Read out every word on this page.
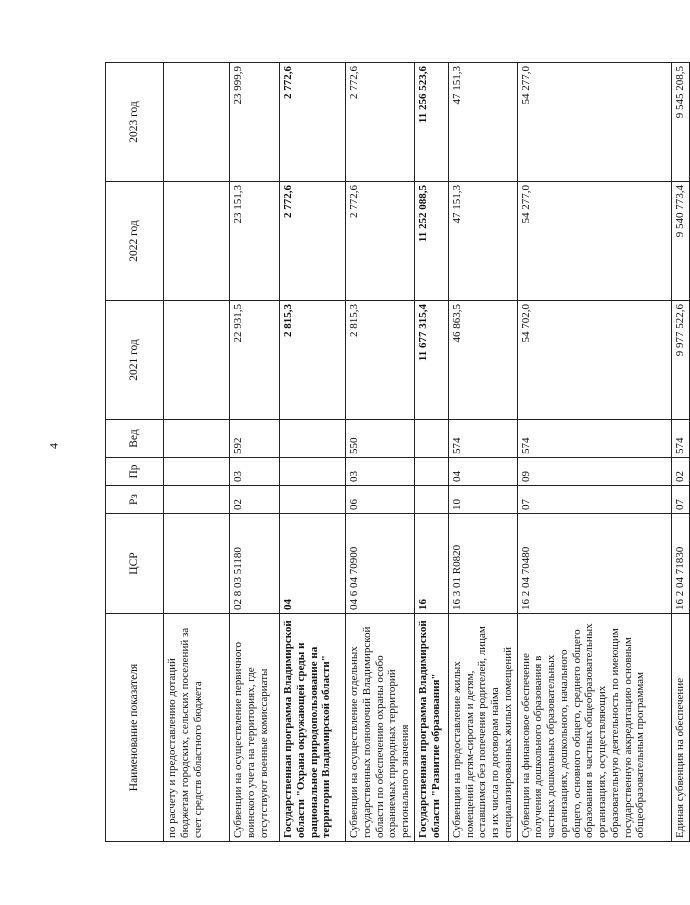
4
Наименование показателя	ЦСР	Рз	Пр	Вед	2021 год	2022 год	2023 год
по расчету и предоставлению дотаций бюджетам городских, сельских поселений за счет средств областного бюджета							
Субвенции на осуществление первичного воинского учета на территориях, где отсутствуют военные комиссариаты	02 8 03 51180	02	03	592	22 931,5	23 151,3	23 999,9
Государственная программа Владимирской области "Охрана окружающей среды и рациональное природопользование на территории Владимирской области"	04				2 815,3	2 772,6	2 772,6
Субвенции на осуществление отдельных государственных полномочий Владимирской области по обеспечению охраны особо охраняемых природных территорий регионального значения	04 6 04 70900	06	03	550	2 815,3	2 772,6	2 772,6
Государственная программа Владимирской области "Развитие образования"	16				11 677 315,4	11 252 088,5	11 256 523,6
Субвенции на предоставление жилых помещений детям-сиротам и детям, оставшимся без попечения родителей, лицам из их числа по договорам найма специализированных жилых помещений	16 3 01 R0820	10	04	574	46 863,5	47 151,3	47 151,3
Субвенции на финансовое обеспечение получения дошкольного образования в частных дошкольных образовательных организациях, дошкольного, начального общего, основного общего, среднего общего образования в частных общеобразовательных организациях, осуществляющих образовательную деятельность по имеющим государственную аккредитацию основным общеобразовательным программам	16 2 04 70480	07	09	574	54 702,0	54 277,0	54 277,0
Единая субвенция на обеспечение	16 2 04 71830	07	02	574	9 977 522,6	9 540 773,4	9 545 208,5
